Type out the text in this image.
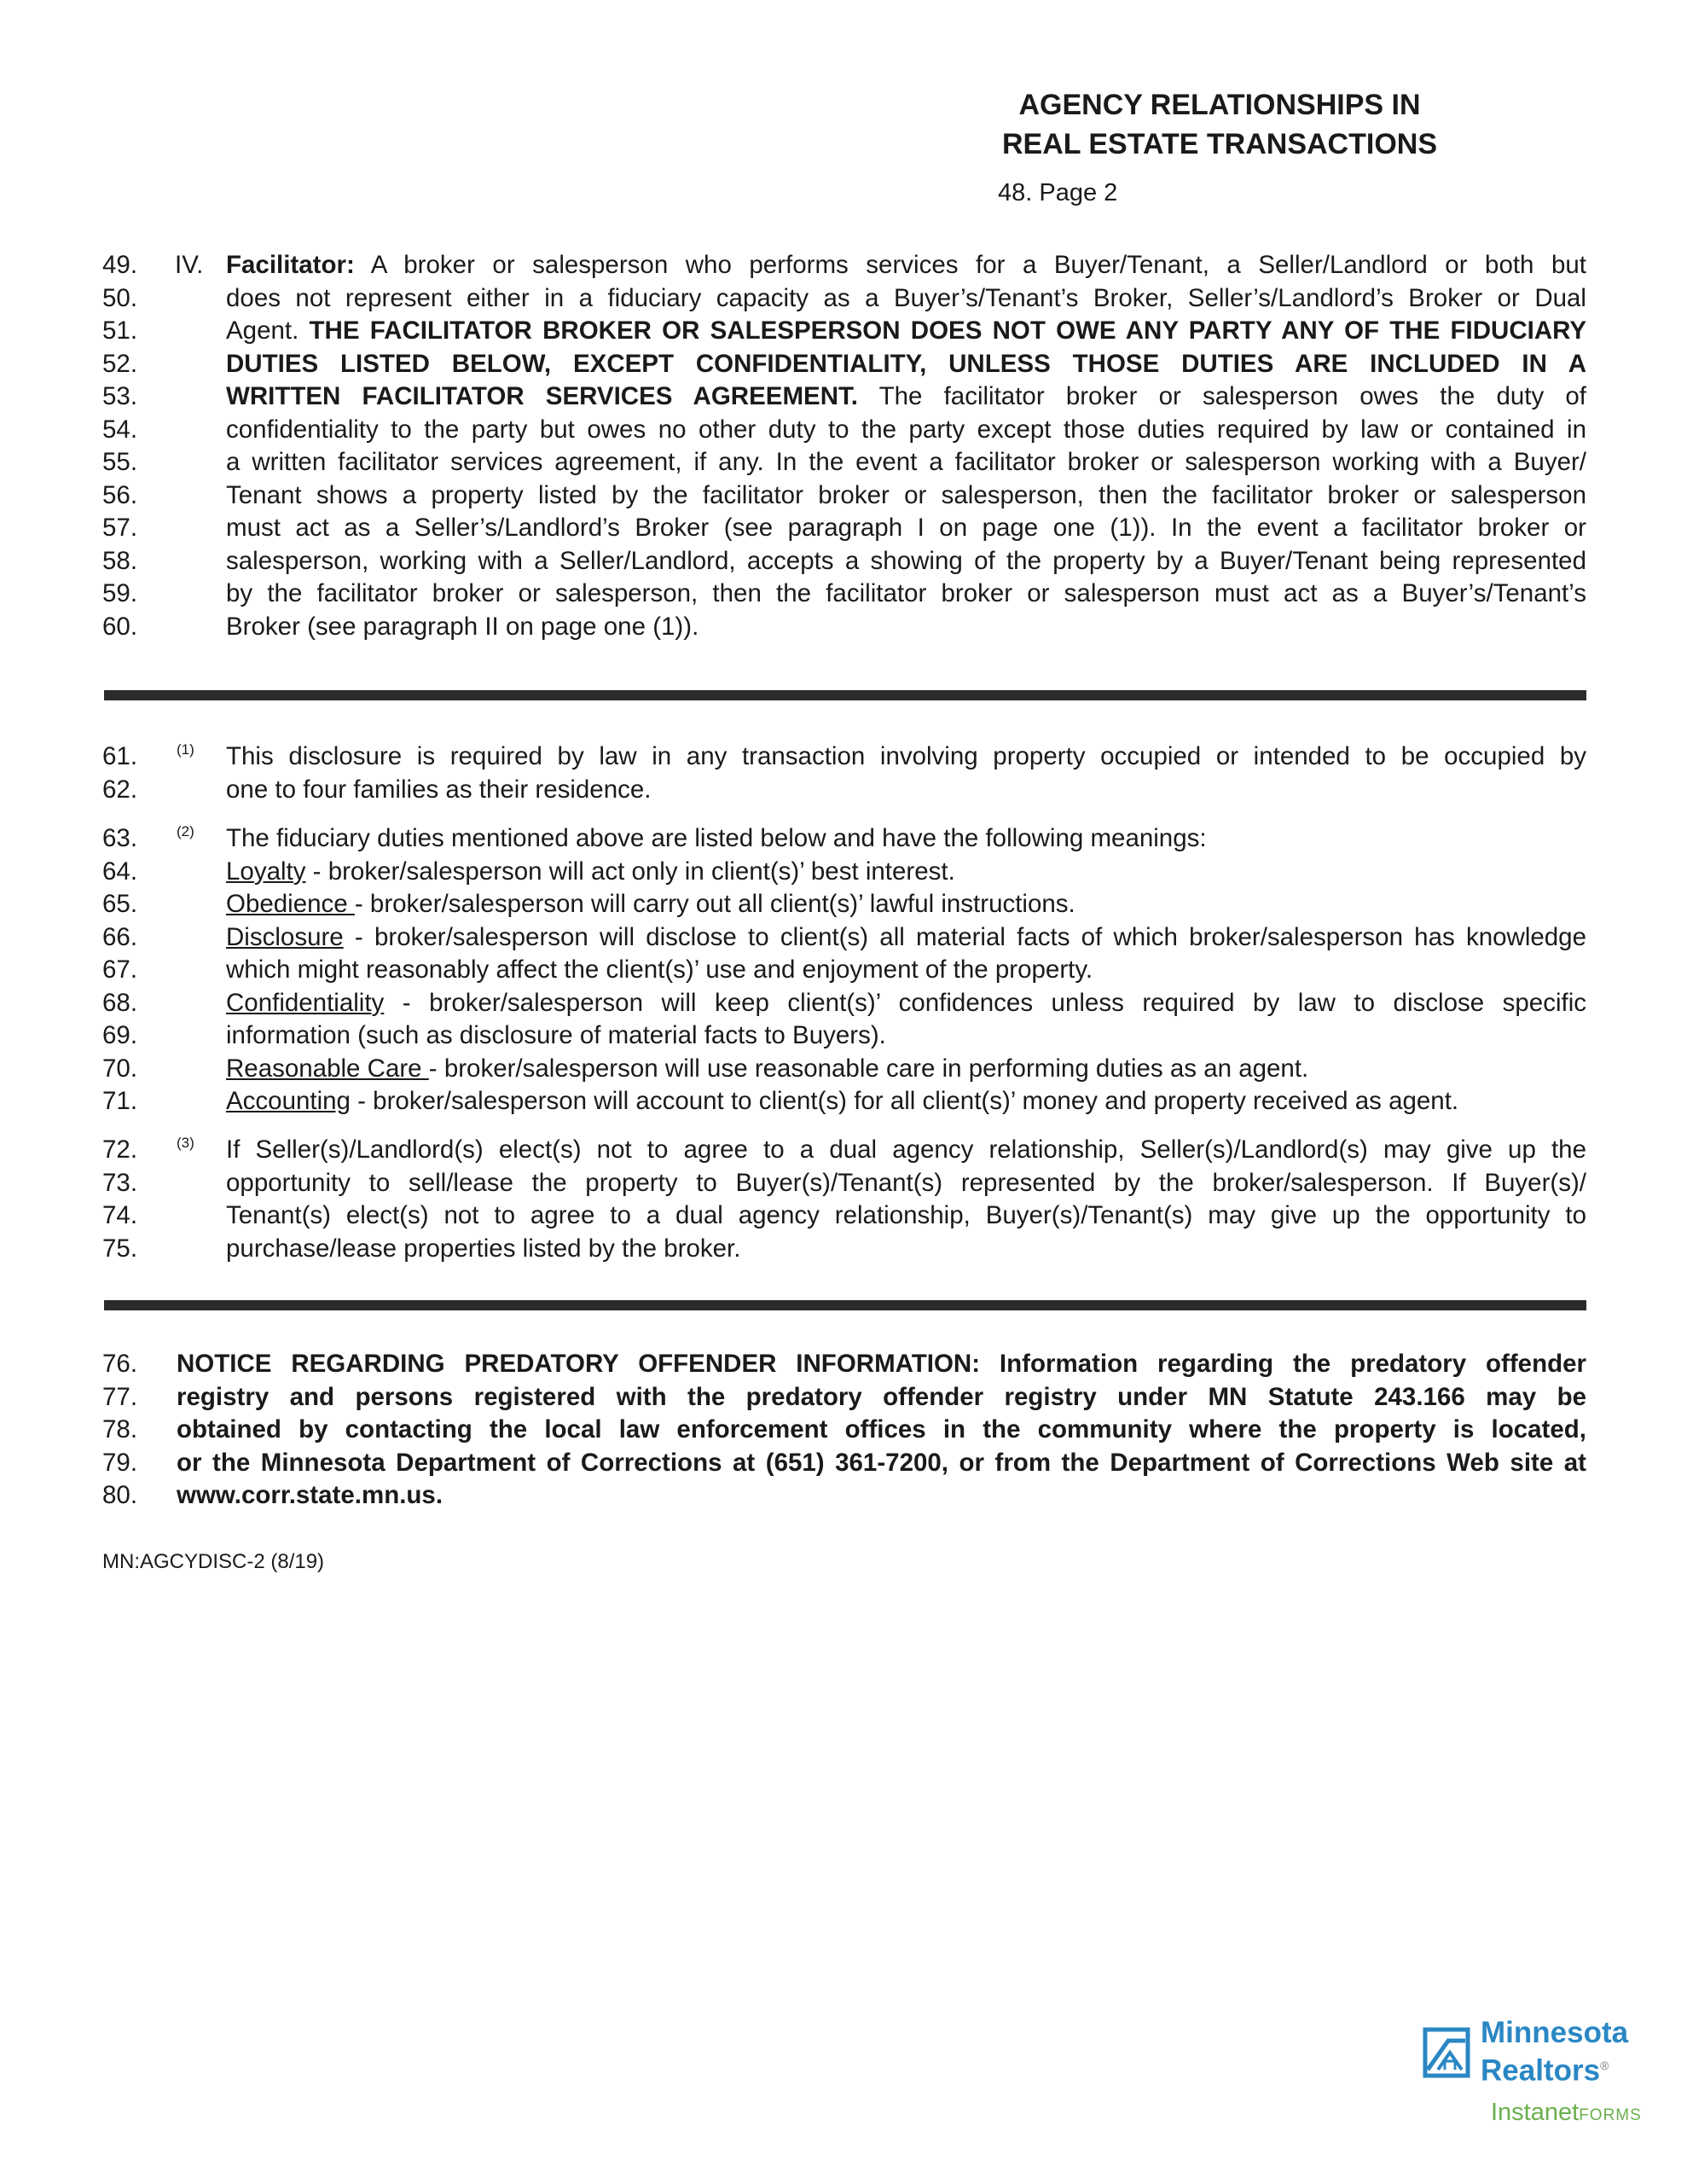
AGENCY RELATIONSHIPS IN
REAL ESTATE TRANSACTIONS
48. Page 2
49.	IV. Facilitator: A broker or salesperson who performs services for a Buyer/Tenant, a Seller/Landlord or both but
50.	does not represent either in a fiduciary capacity as a Buyer’s/Tenant’s Broker, Seller’s/Landlord’s Broker or Dual
51.	Agent. THE FACILITATOR BROKER OR SALESPERSON DOES NOT OWE ANY PARTY ANY OF THE FIDUCIARY
52.	DUTIES LISTED BELOW, EXCEPT CONFIDENTIALITY, UNLESS THOSE DUTIES ARE INCLUDED IN A
53.	WRITTEN FACILITATOR SERVICES AGREEMENT. The facilitator broker or salesperson owes the duty of
54.	confidentiality to the party but owes no other duty to the party except those duties required by law or contained in
55.	a written facilitator services agreement, if any. In the event a facilitator broker or salesperson working with a Buyer/
56.	Tenant shows a property listed by the facilitator broker or salesperson, then the facilitator broker or salesperson
57.	must act as a Seller’s/Landlord’s Broker (see paragraph I on page one (1)). In the event a facilitator broker or
58.	salesperson, working with a Seller/Landlord, accepts a showing of the property by a Buyer/Tenant being represented
59.	by the facilitator broker or salesperson, then the facilitator broker or salesperson must act as a Buyer’s/Tenant’s
60.	Broker (see paragraph II on page one (1)).
61.	(1) This disclosure is required by law in any transaction involving property occupied or intended to be occupied by
62.	one to four families as their residence.
63.	(2) The fiduciary duties mentioned above are listed below and have the following meanings:
64.	Loyalty - broker/salesperson will act only in client(s)’ best interest.
65.	Obedience - broker/salesperson will carry out all client(s)’ lawful instructions.
66.	Disclosure - broker/salesperson will disclose to client(s) all material facts of which broker/salesperson has knowledge
67.	which might reasonably affect the client(s)’ use and enjoyment of the property.
68.	Confidentiality - broker/salesperson will keep client(s)’ confidences unless required by law to disclose specific
69.	information (such as disclosure of material facts to Buyers).
70.	Reasonable Care - broker/salesperson will use reasonable care in performing duties as an agent.
71.	Accounting - broker/salesperson will account to client(s) for all client(s)’ money and property received as agent.
72.	(3) If Seller(s)/Landlord(s) elect(s) not to agree to a dual agency relationship, Seller(s)/Landlord(s) may give up the
73.	opportunity to sell/lease the property to Buyer(s)/Tenant(s) represented by the broker/salesperson. If Buyer(s)/
74.	Tenant(s) elect(s) not to agree to a dual agency relationship, Buyer(s)/Tenant(s) may give up the opportunity to
75.	purchase/lease properties listed by the broker.
76.	NOTICE REGARDING PREDATORY OFFENDER INFORMATION: Information regarding the predatory offender
77.	registry and persons registered with the predatory offender registry under MN Statute 243.166 may be
78.	obtained by contacting the local law enforcement offices in the community where the property is located,
79.	or the Minnesota Department of Corrections at (651) 361-7200, or from the Department of Corrections Web site at
80.	www.corr.state.mn.us.
MN:AGCYDISC-2 (8/19)
Minnesota
Realtors®
InstanetFORMS
